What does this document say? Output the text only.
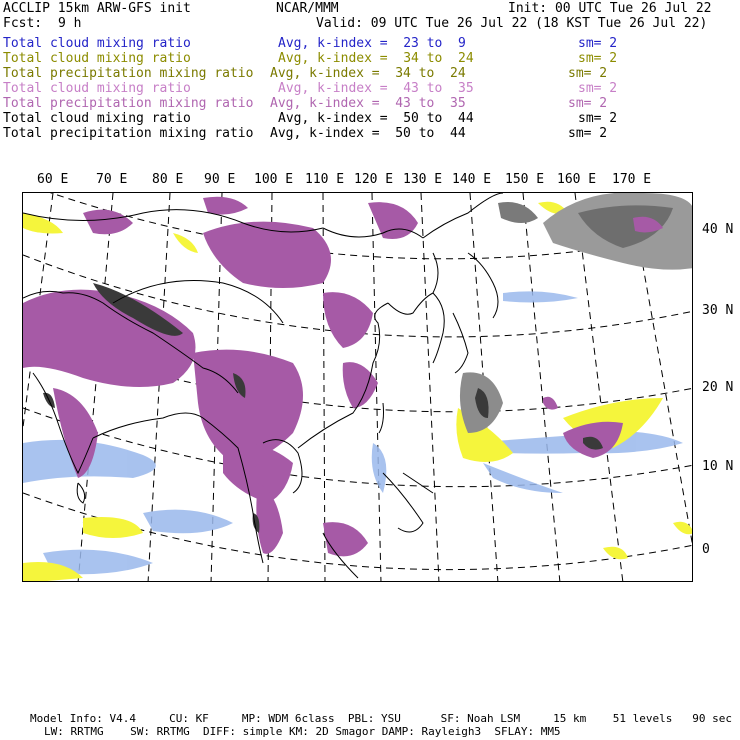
ACCLIP 15km ARW-GFS init	NCAR/MMM	Init: 00 UTC Tue 26 Jul 22
Fcst: 9 h	Valid: 09 UTC Tue 26 Jul 22 (18 KST Tue 26 Jul 22)
Total cloud mixing ratio	Avg, k-index =  23 to  9	sm= 2
Total cloud mixing ratio	Avg, k-index =  34 to  24	sm= 2
Total precipitation mixing ratio Avg, k-index =  34 to  24	sm= 2
Total cloud mixing ratio	Avg, k-index =  43 to  35	sm= 2
Total precipitation mixing ratio Avg, k-index =  43 to  35	sm= 2
Total cloud mixing ratio	Avg, k-index =  50 to  44	sm= 2
Total precipitation mixing ratio Avg, k-index =  50 to  44	sm= 2
60 E 70 E 80 E 90 E 100 E 110 E 120 E 130 E 140 E 150 E 160 E 170 E
40 N
30 N
20 N
10 N
0
Model Info: V4.4     CU: KF     MP: WDM 6class  PBL: YSU      SF: Noah LSM     15 km    51 levels   90 sec
LW: RRTMG    SW: RRTMG  DIFF: simple KM: 2D Smagor DAMP: Rayleigh3  SFLAY: MM5
